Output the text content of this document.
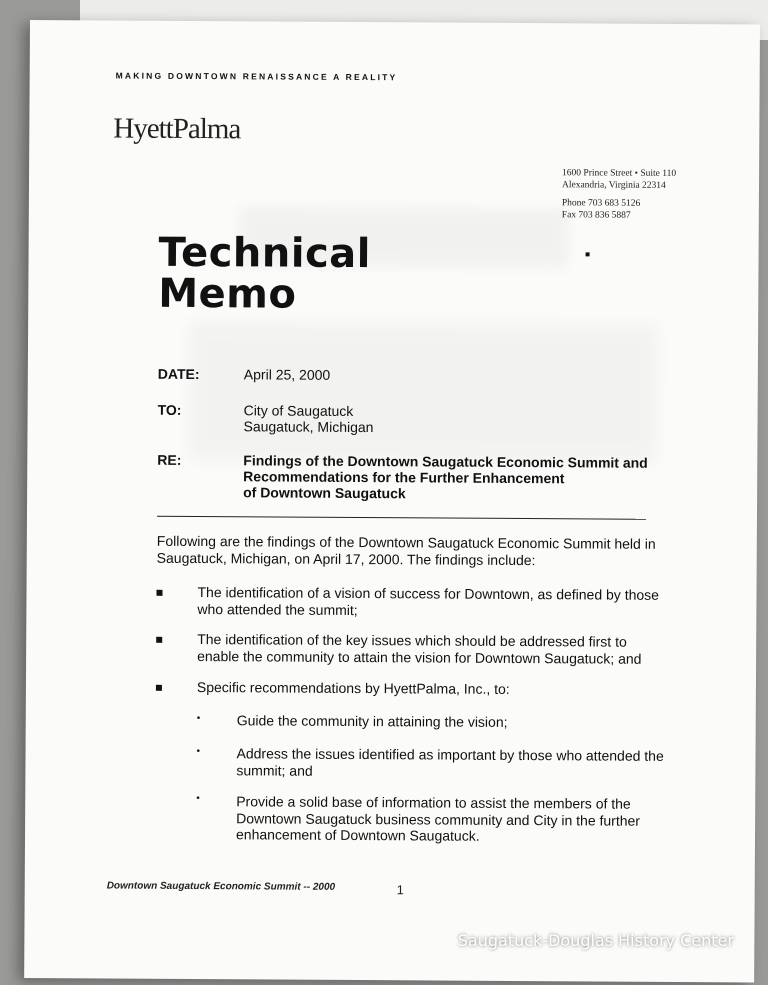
MAKING DOWNTOWN RENAISSANCE A REALITY
HyettPalma
1600 Prince Street • Suite 110
Alexandria, Virginia 22314
Phone 703 683 5126
Fax 703 836 5887
Technical
Memo
DATE:	April 25, 2000
TO:	City of Saugatuck
Saugatuck, Michigan
RE:	Findings of the Downtown Saugatuck Economic Summit and
Recommendations for the Further Enhancement
of Downtown Saugatuck
Following are the findings of the Downtown Saugatuck Economic Summit held in
Saugatuck, Michigan, on April 17, 2000. The findings include:
The identification of a vision of success for Downtown, as defined by those
who attended the summit;
The identification of the key issues which should be addressed first to
enable the community to attain the vision for Downtown Saugatuck; and
Specific recommendations by HyettPalma, Inc., to:
•	Guide the community in attaining the vision;
•	Address the issues identified as important by those who attended the
summit; and
•	Provide a solid base of information to assist the members of the
Downtown Saugatuck business community and City in the further
enhancement of Downtown Saugatuck.
Downtown Saugatuck Economic Summit -- 2000	1
Saugatuck-Douglas History Center
